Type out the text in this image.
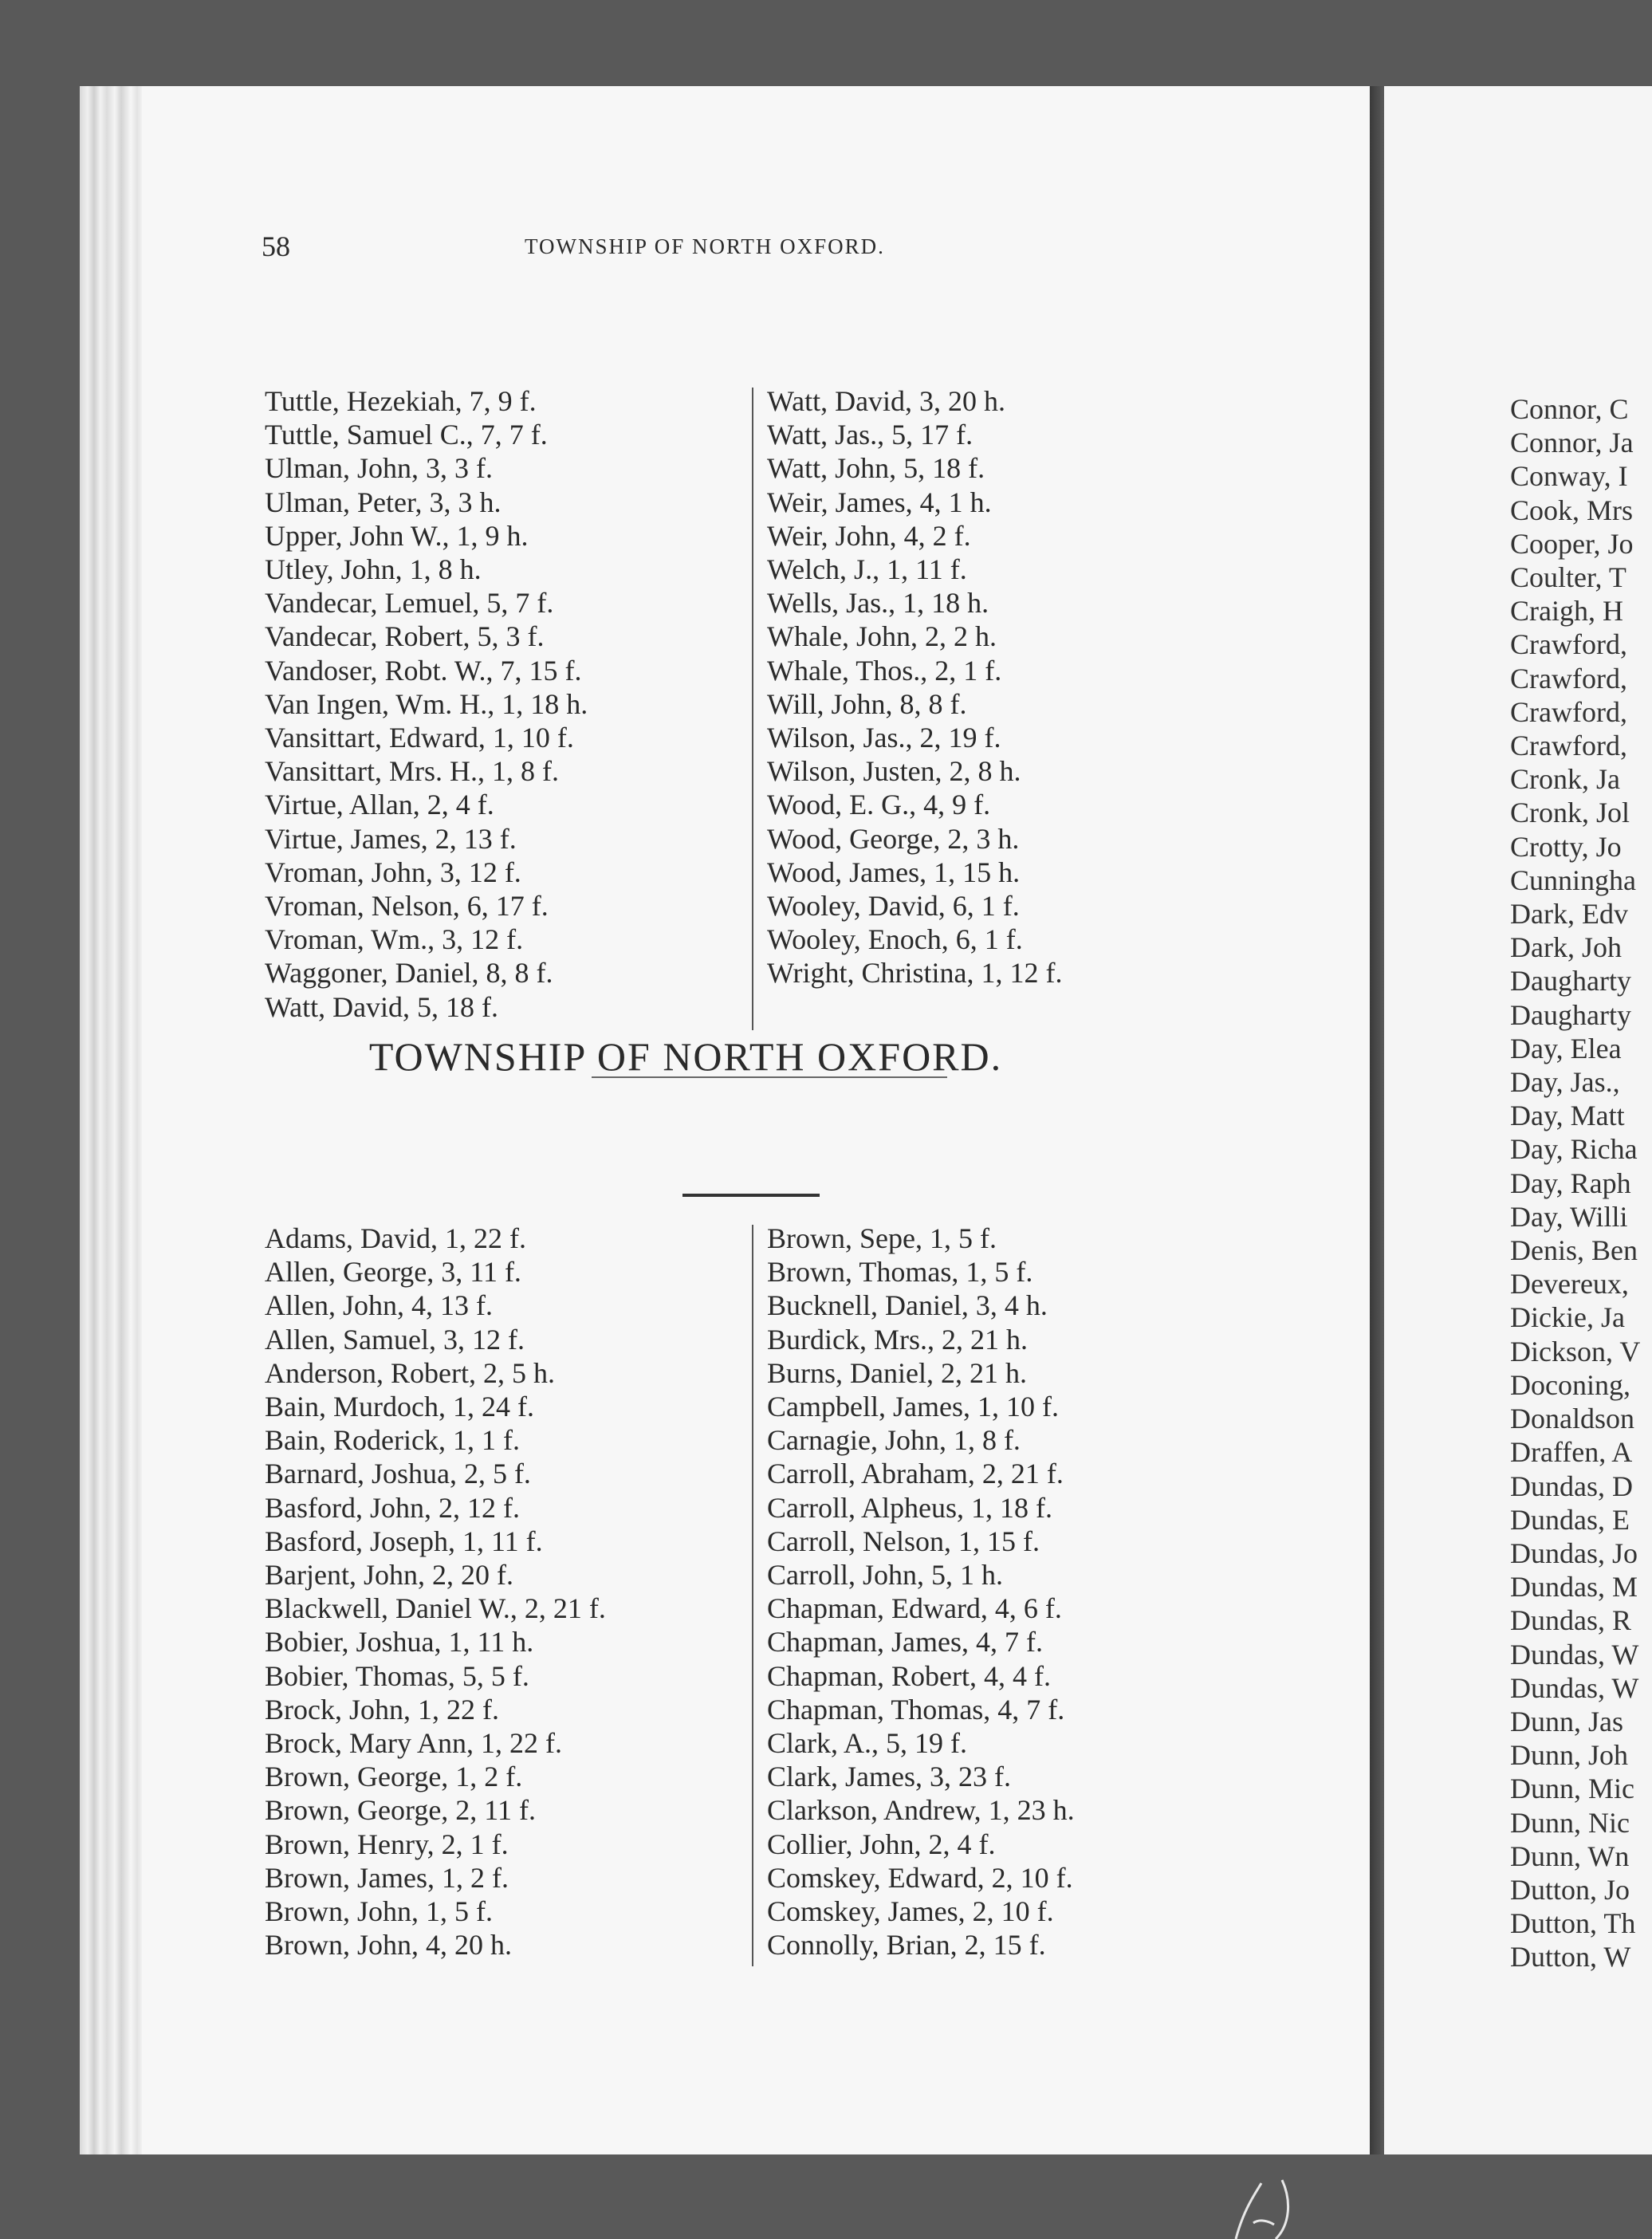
58	TOWNSHIP OF NORTH OXFORD.
Tuttle, Hezekiah, 7, 9 f.
Tuttle, Samuel C., 7, 7 f.
Ulman, John, 3, 3 f.
Ulman, Peter, 3, 3 h.
Upper, John W., 1, 9 h.
Utley, John, 1, 8 h.
Vandecar, Lemuel, 5, 7 f.
Vandecar, Robert, 5, 3 f.
Vandoser, Robt. W., 7, 15 f.
Van Ingen, Wm. H., 1, 18 h.
Vansittart, Edward, 1, 10 f.
Vansittart, Mrs. H., 1, 8 f.
Virtue, Allan, 2, 4 f.
Virtue, James, 2, 13 f.
Vroman, John, 3, 12 f.
Vroman, Nelson, 6, 17 f.
Vroman, Wm., 3, 12 f.
Waggoner, Daniel, 8, 8 f.
Watt, David, 5, 18 f.
Watt, David, 3, 20 h.
Watt, Jas., 5, 17 f.
Watt, John, 5, 18 f.
Weir, James, 4, 1 h.
Weir, John, 4, 2 f.
Welch, J., 1, 11 f.
Wells, Jas., 1, 18 h.
Whale, John, 2, 2 h.
Whale, Thos., 2, 1 f.
Will, John, 8, 8 f.
Wilson, Jas., 2, 19 f.
Wilson, Justen, 2, 8 h.
Wood, E. G., 4, 9 f.
Wood, George, 2, 3 h.
Wood, James, 1, 15 h.
Wooley, David, 6, 1 f.
Wooley, Enoch, 6, 1 f.
Wright, Christina, 1, 12 f.
TOWNSHIP OF NORTH OXFORD.
Adams, David, 1, 22 f.
Allen, George, 3, 11 f.
Allen, John, 4, 13 f.
Allen, Samuel, 3, 12 f.
Anderson, Robert, 2, 5 h.
Bain, Murdoch, 1, 24 f.
Bain, Roderick, 1, 1 f.
Barnard, Joshua, 2, 5 f.
Basford, John, 2, 12 f.
Basford, Joseph, 1, 11 f.
Barjent, John, 2, 20 f.
Blackwell, Daniel W., 2, 21 f.
Bobier, Joshua, 1, 11 h.
Bobier, Thomas, 5, 5 f.
Brock, John, 1, 22 f.
Brock, Mary Ann, 1, 22 f.
Brown, George, 1, 2 f.
Brown, George, 2, 11 f.
Brown, Henry, 2, 1 f.
Brown, James, 1, 2 f.
Brown, John, 1, 5 f.
Brown, John, 4, 20 h.
Brown, Sepe, 1, 5 f.
Brown, Thomas, 1, 5 f.
Bucknell, Daniel, 3, 4 h.
Burdick, Mrs., 2, 21 h.
Burns, Daniel, 2, 21 h.
Campbell, James, 1, 10 f.
Carnagie, John, 1, 8 f.
Carroll, Abraham, 2, 21 f.
Carroll, Alpheus, 1, 18 f.
Carroll, Nelson, 1, 15 f.
Carroll, John, 5, 1 h.
Chapman, Edward, 4, 6 f.
Chapman, James, 4, 7 f.
Chapman, Robert, 4, 4 f.
Chapman, Thomas, 4, 7 f.
Clark, A., 5, 19 f.
Clark, James, 3, 23 f.
Clarkson, Andrew, 1, 23 h.
Collier, John, 2, 4 f.
Comskey, Edward, 2, 10 f.
Comskey, James, 2, 10 f.
Connolly, Brian, 2, 15 f.
Connor, C
Connor, Ja
Conway, I
Cook, Mrs
Cooper, Jo
Coulter, T
Craigh, H
Crawford,
Crawford,
Crawford,
Crawford,
Cronk, Ja
Cronk, Jol
Crotty, Jo
Cunningha
Dark, Edv
Dark, Joh
Daugharty
Daugharty
Day, Elea
Day, Jas.,
Day, Matt
Day, Richa
Day, Raph
Day, Willi
Denis, Ben
Devereux,
Dickie, Ja
Dickson, V
Doconing,
Donaldson
Draffen, A
Dundas, D
Dundas, E
Dundas, Jo
Dundas, M
Dundas, R
Dundas, W
Dundas, W
Dunn, Jas
Dunn, Joh
Dunn, Mic
Dunn, Nic
Dunn, Wn
Dutton, Jo
Dutton, Th
Dutton, W
